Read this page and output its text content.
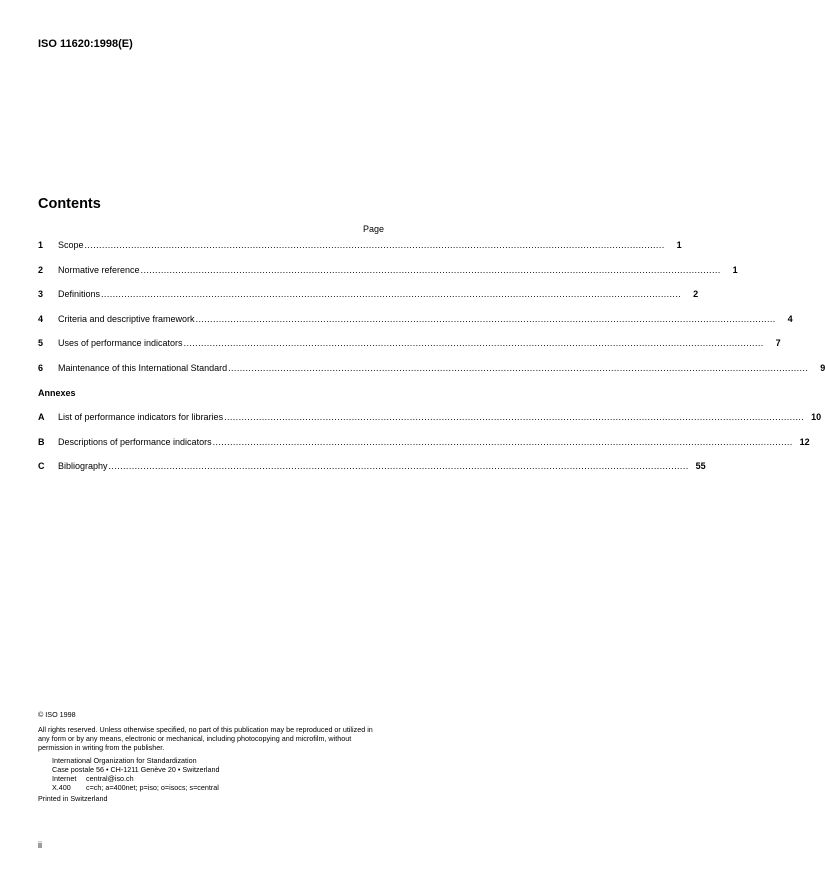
ISO 11620:1998(E)
Contents
Page
1	Scope ........................................................................................................................................................................................................	1
2	Normative reference ........................................................................................................................................................................................................	1
3	Definitions ........................................................................................................................................................................................................	2
4	Criteria and descriptive framework ........................................................................................................................................................................................................	4
5	Uses of performance indicators ........................................................................................................................................................................................................	7
6	Maintenance of this International Standard ........................................................................................................................................................................................................	9
Annexes
A	List of performance indicators for libraries ........................................................................................................................................................................................................ 10
B	Descriptions of performance indicators ........................................................................................................................................................................................................ 12
C	Bibliography ........................................................................................................................................................................................................ 55
© ISO 1998
All rights reserved. Unless otherwise specified, no part of this publication may be reproduced or utilized in any form or by any means, electronic or mechanical, including photocopying and microfilm, without permission in writing from the publisher.
International Organization for Standardization
Case postale 56 • CH-1211 Genève 20 • Switzerland
Internet	central@iso.ch
X.400	c=ch; a=400net; p=iso; o=isocs; s=central
Printed in Switzerland
ii
